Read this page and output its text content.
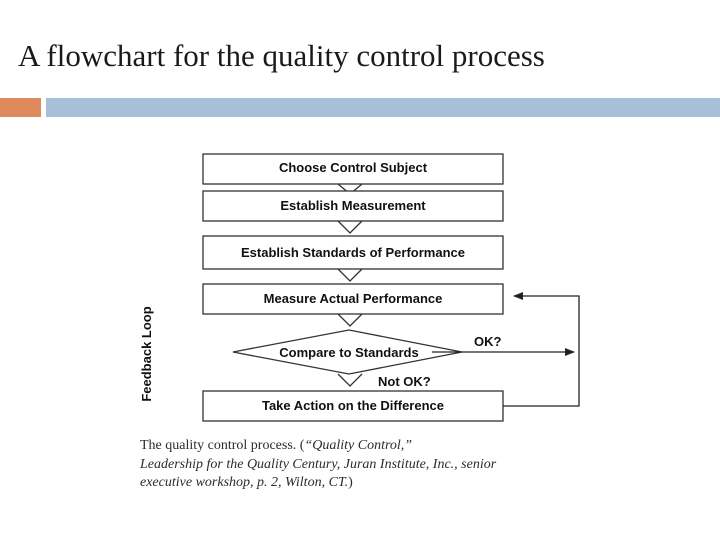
A flowchart for the quality control process
Choose Control Subject
Establish Measurement
Establish Standards of Performance
Measure Actual Performance
Compare to Standards
OK?
Not OK?
Take Action on the Difference
Feedback Loop
The quality control process. (“Quality Control,”
Leadership for the Quality Century, Juran Institute, Inc., senior
executive workshop, p. 2, Wilton, CT.)
